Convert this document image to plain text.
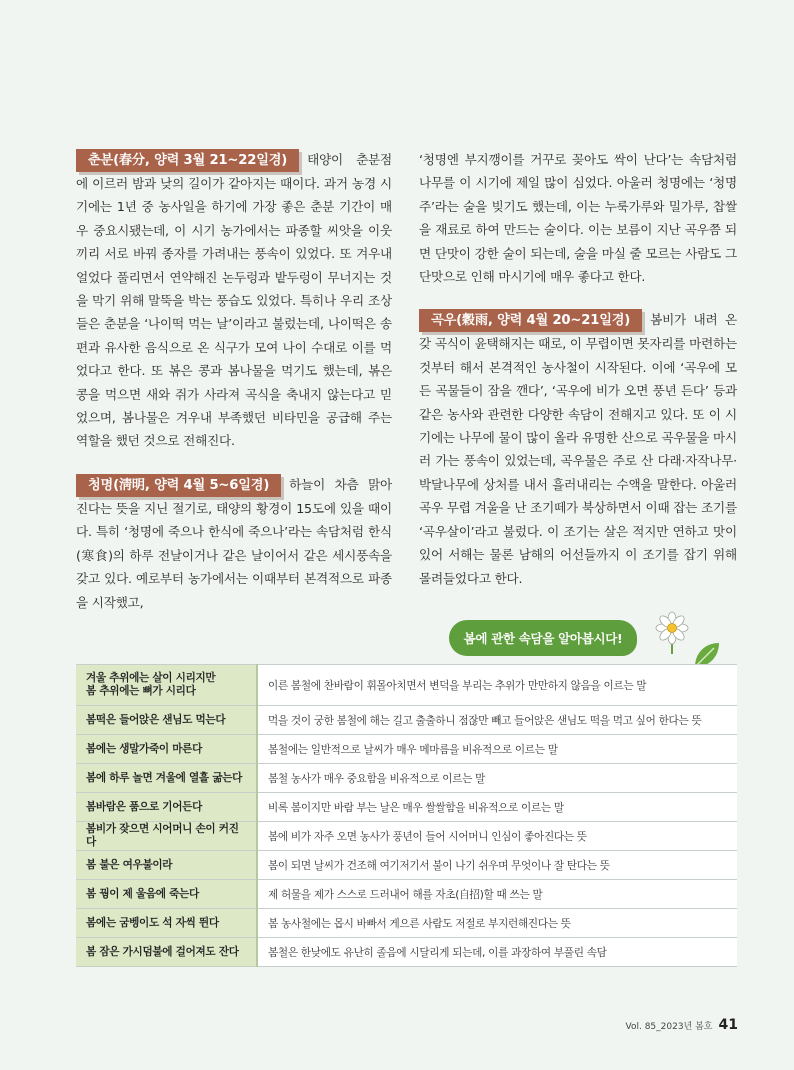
춘분(春分, 양력 3월 21~22일경) 태양이 춘분점에 이르러 밤과 낮의 길이가 같아지는 때이다. 과거 농경 시기에는 1년 중 농사일을 하기에 가장 좋은 춘분 기간이 매우 중요시됐는데, 이 시기 농가에서는 파종할 씨앗을 이웃끼리 서로 바꿔 종자를 가려내는 풍속이 있었다. 또 겨우내 얼었다 풀리면서 연약해진 논두렁과 밭두렁이 무너지는 것을 막기 위해 말뚝을 박는 풍습도 있었다. 특히나 우리 조상들은 춘분을 ‘나이떡 먹는 날’이라고 불렀는데, 나이떡은 송편과 유사한 음식으로 온 식구가 모여 나이 수대로 이를 먹었다고 한다. 또 볶은 콩과 봄나물을 먹기도 했는데, 볶은 콩을 먹으면 새와 쥐가 사라져 곡식을 축내지 않는다고 믿었으며, 봄나물은 겨우내 부족했던 비타민을 공급해 주는 역할을 했던 것으로 전해진다.

청명(淸明, 양력 4월 5~6일경) 하늘이 차츰 맑아진다는 뜻을 지닌 절기로, 태양의 황경이 15도에 있을 때이다. 특히 ‘청명에 죽으나 한식에 죽으나’라는 속담처럼 한식(寒食)의 하루 전날이거나 같은 날이어서 같은 세시풍속을 갖고 있다. 예로부터 농가에서는 이때부터 본격적으로 파종을 시작했고,

‘청명엔 부지깽이를 거꾸로 꽂아도 싹이 난다’는 속담처럼 나무를 이 시기에 제일 많이 심었다. 아울러 청명에는 ‘청명주’라는 술을 빚기도 했는데, 이는 누룩가루와 밀가루, 찹쌀을 재료로 하여 만드는 술이다. 이는 보름이 지난 곡우쯤 되면 단맛이 강한 술이 되는데, 술을 마실 줄 모르는 사람도 그 단맛으로 인해 마시기에 매우 좋다고 한다.

곡우(穀雨, 양력 4월 20~21일경) 봄비가 내려 온갖 곡식이 윤택해지는 때로, 이 무렵이면 못자리를 마련하는 것부터 해서 본격적인 농사철이 시작된다. 이에 ‘곡우에 모든 곡물들이 잠을 깬다’, ‘곡우에 비가 오면 풍년 든다’ 등과 같은 농사와 관련한 다양한 속담이 전해지고 있다. 또 이 시기에는 나무에 물이 많이 올라 유명한 산으로 곡우물을 마시러 가는 풍속이 있었는데, 곡우물은 주로 산 다래·자작나무·박달나무에 상처를 내서 흘러내리는 수액을 말한다. 아울러 곡우 무렵 겨울을 난 조기떼가 북상하면서 이때 잡는 조기를 ‘곡우살이’라고 불렀다. 이 조기는 살은 적지만 연하고 맛이 있어 서해는 물론 남해의 어선들까지 이 조기를 잡기 위해 몰려들었다고 한다.

봄에 관한 속담을 알아봅시다!
겨울 추위에는 살이 시리지만
봄 추위에는 뼈가 시리다	이른 봄철에 찬바람이 휘몰아치면서 변덕을 부리는 추위가 만만하지 않음을 이르는 말
봄떡은 들어앉은 샌님도 먹는다	먹을 것이 궁한 봄철에 해는 길고 출출하니 점잖만 빼고 들어앉은 샌님도 떡을 먹고 싶어 한다는 뜻
봄에는 생말가죽이 마른다	봄철에는 일반적으로 날씨가 매우 메마름을 비유적으로 이르는 말
봄에 하루 놀면 겨울에 열흘 굶는다	봄철 농사가 매우 중요함을 비유적으로 이르는 말
봄바람은 품으로 기어든다	비록 봄이지만 바람 부는 날은 매우 쌀쌀함을 비유적으로 이르는 말
봄비가 잦으면 시어머니 손이 커진다	봄에 비가 자주 오면 농사가 풍년이 들어 시어머니 인심이 좋아진다는 뜻
봄 불은 여우불이라	봄이 되면 날씨가 건조해 여기저기서 불이 나기 쉬우며 무엇이나 잘 탄다는 뜻
봄 꿩이 제 울음에 죽는다	제 허물을 제가 스스로 드러내어 해를 자초(自招)할 때 쓰는 말
봄에는 굼벵이도 석 자씩 뛴다	봄 농사철에는 몹시 바빠서 게으른 사람도 저절로 부지런해진다는 뜻
봄 잠은 가시덤불에 걸어져도 잔다	봄철은 한낮에도 유난히 졸음에 시달리게 되는데, 이를 과장하여 부풀린 속담
Vol. 85_2023년 봄호 41
